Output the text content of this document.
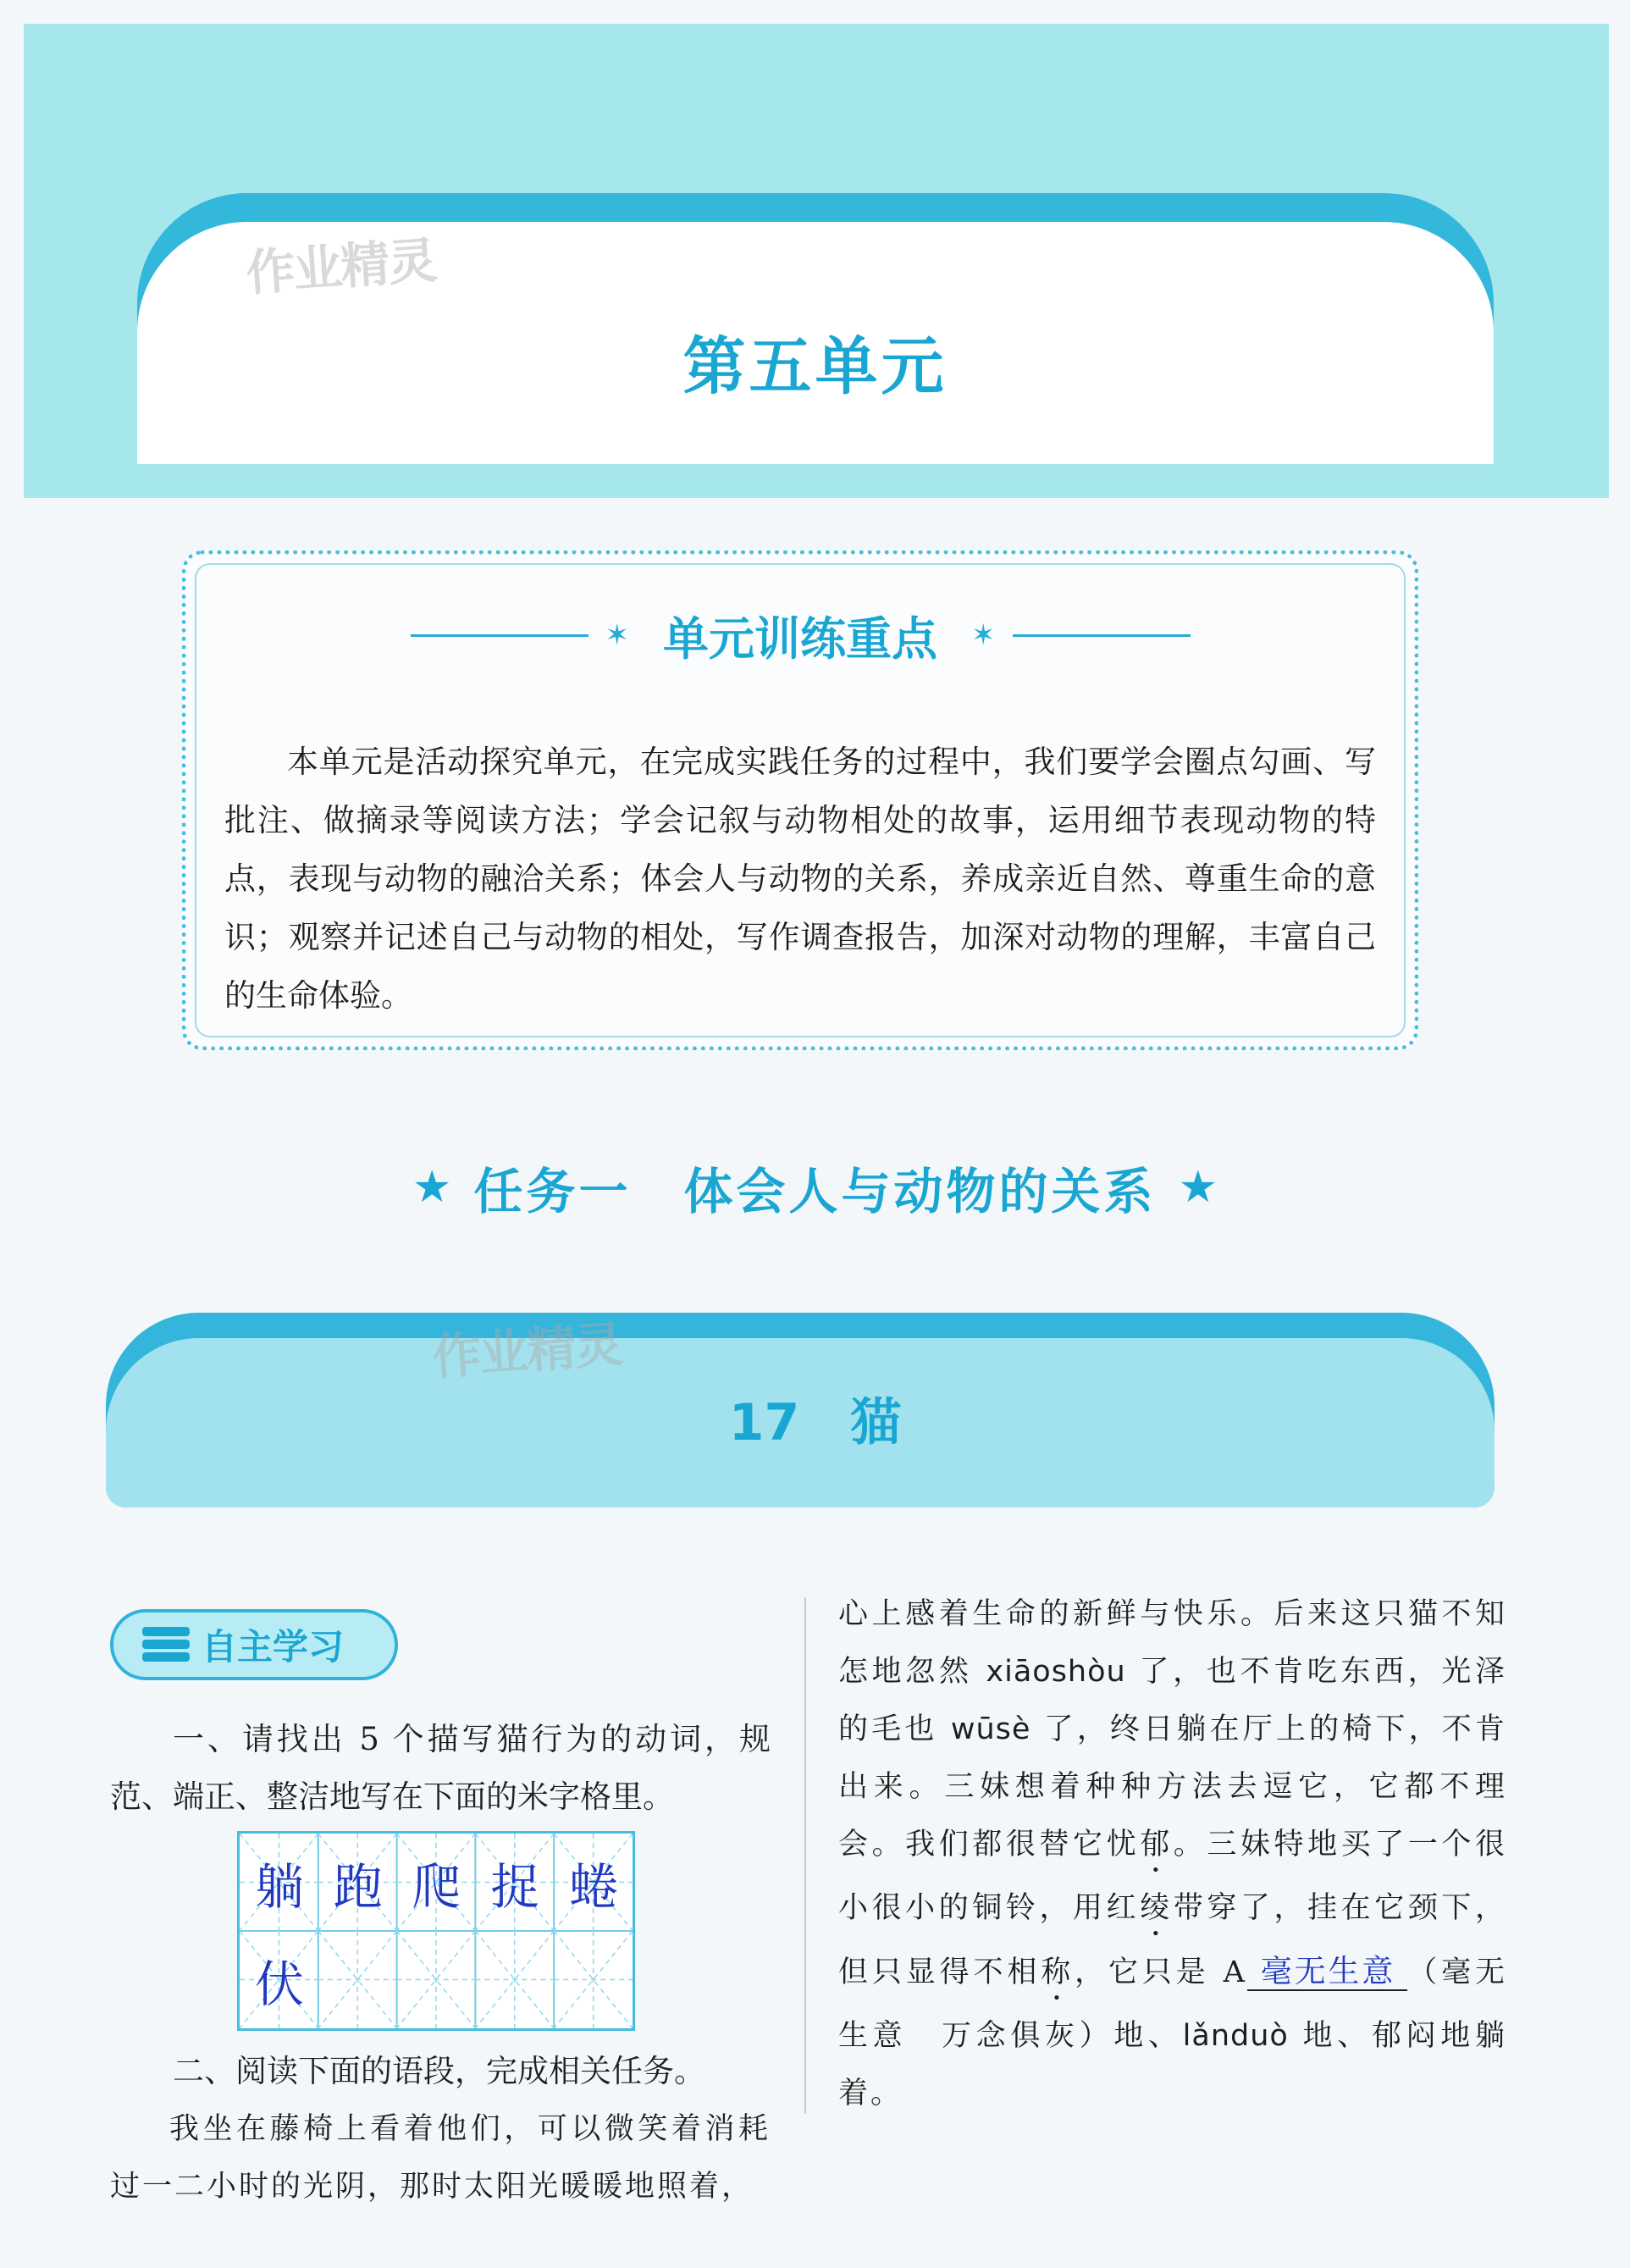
第五单元
作业精灵
✶ 单元训练重点	✶

本单元是活动探究单元，在完成实践任务的过程中，我们要学会圈点勾画、写批注、做摘录等阅读方法；学会记叙与动物相处的故事，运用细节表现动物的特点，表现与动物的融洽关系；体会人与动物的关系，养成亲近自然、尊重生命的意识；观察并记述自己与动物的相处，写作调查报告，加深对动物的理解，丰富自己的生命体验。

★ 任务一　体会人与动物的关系 ★
17　猫
作业精灵
自主学习

一、请找出 5 个描写猫行为的动词，规范、端正、整洁地写在下面的米字格里。

躺 跑 爬 捉 蜷
伏

二、阅读下面的语段，完成相关任务。

我坐在藤椅上看着他们，可以微笑着消耗过一二小时的光阴，那时太阳光暖暖地照着，

心上感着生命的新鲜与快乐。后来这只猫不知怎地忽然 xiāoshòu 了，也不肯吃东西，光泽的毛也 wūsè 了，终日躺在厅上的椅下，不肯出来。三妹想着种种方法去逗它，它都不理会。我们都很替它忧郁。三妹特地买了一个很小很小的铜铃，用红绫带穿了，挂在它颈下，但只显得不相称，它只是 A 毫无生意 （毫无生意　万念俱灰）地、lǎnduò 地、郁闷地躺着。
